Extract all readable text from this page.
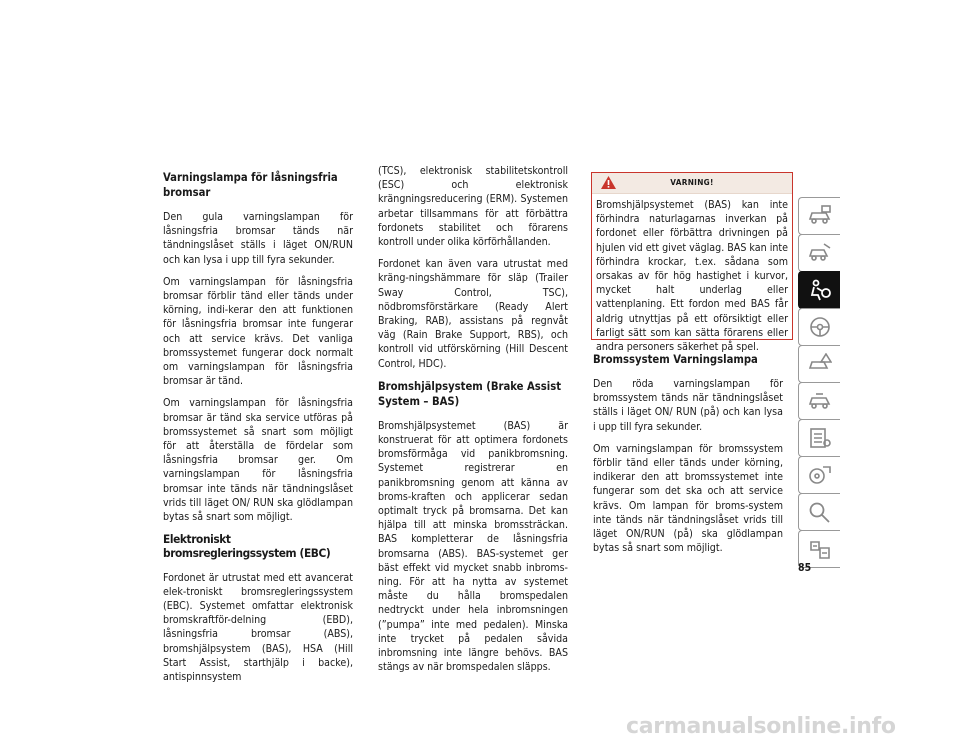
Varningslampa för låsningsfria bromsar

Den gula varningslampan för låsningsfria bromsar tänds när tändningslåset ställs i läget ON/RUN och kan lysa i upp till fyra sekunder.

Om varningslampan för låsningsfria bromsar förblir tänd eller tänds under körning, indi-kerar den att funktionen för låsningsfria bromsar inte fungerar och att service krävs. Det vanliga bromssystemet fungerar dock normalt om varningslampan för låsningsfria bromsar är tänd.

Om varningslampan för låsningsfria bromsar är tänd ska service utföras på bromssystemet så snart som möjligt för att återställa de fördelar som låsningsfria bromsar ger. Om varningslampan för låsningsfria bromsar inte tänds när tändningslåset vrids till läget ON/ RUN ska glödlampan bytas så snart som möjligt.

Elektroniskt bromsregleringssystem (EBC)

Fordonet är utrustat med ett avancerat elek-troniskt bromsregleringssystem (EBC). Systemet omfattar elektronisk bromskraftför-delning (EBD), låsningsfria bromsar (ABS), bromshjälpsystem (BAS), HSA (Hill Start Assist, starthjälp i backe), antispinnsystem

(TCS), elektronisk stabilitetskontroll (ESC) och elektronisk krängningsreducering (ERM). Systemen arbetar tillsammans för att förbättra fordonets stabilitet och förarens kontroll under olika körförhållanden.

Fordonet kan även vara utrustat med kräng-ningshämmare för släp (Trailer Sway Control, TSC), nödbromsförstärkare (Ready Alert Braking, RAB), assistans på regnvåt väg (Rain Brake Support, RBS), och kontroll vid utförskörning (Hill Descent Control, HDC).

Bromshjälpsystem (Brake Assist System – BAS)

Bromshjälpsystemet (BAS) är konstruerat för att optimera fordonets bromsförmåga vid panikbromsning. Systemet registrerar en panikbromsning genom att känna av broms-kraften och applicerar sedan optimalt tryck på bromsarna. Det kan hjälpa till att minska bromssträckan. BAS kompletterar de låsningsfria bromsarna (ABS). BAS-systemet ger bäst effekt vid mycket snabb inbroms-ning. För att ha nytta av systemet måste du hålla bromspedalen nedtryckt under hela inbromsningen (”pumpa” inte med pedalen). Minska inte trycket på pedalen såvida inbromsning inte längre behövs. BAS stängs av när bromspedalen släpps.

VARNING!
Bromshjälpsystemet (BAS) kan inte förhindra naturlagarnas inverkan på fordonet eller förbättra drivningen på hjulen vid ett givet väglag. BAS kan inte förhindra krockar, t.ex. sådana som orsakas av för hög hastighet i kurvor, mycket halt underlag eller vattenplaning. Ett fordon med BAS får aldrig utnyttjas på ett oförsiktigt eller farligt sätt som kan sätta förarens eller andra personers säkerhet på spel.
Bromssystem Varningslampa

Den röda varningslampan för bromssystem tänds när tändningslåset ställs i läget ON/ RUN (på) och kan lysa i upp till fyra sekunder.

Om varningslampan för bromssystem förblir tänd eller tänds under körning, indikerar den att bromssystemet inte fungerar som det ska och att service krävs. Om lampan för broms-system inte tänds när tändningslåset vrids till läget ON/RUN (på) ska glödlampan bytas så snart som möjligt.

85
carmanualsonline.info
